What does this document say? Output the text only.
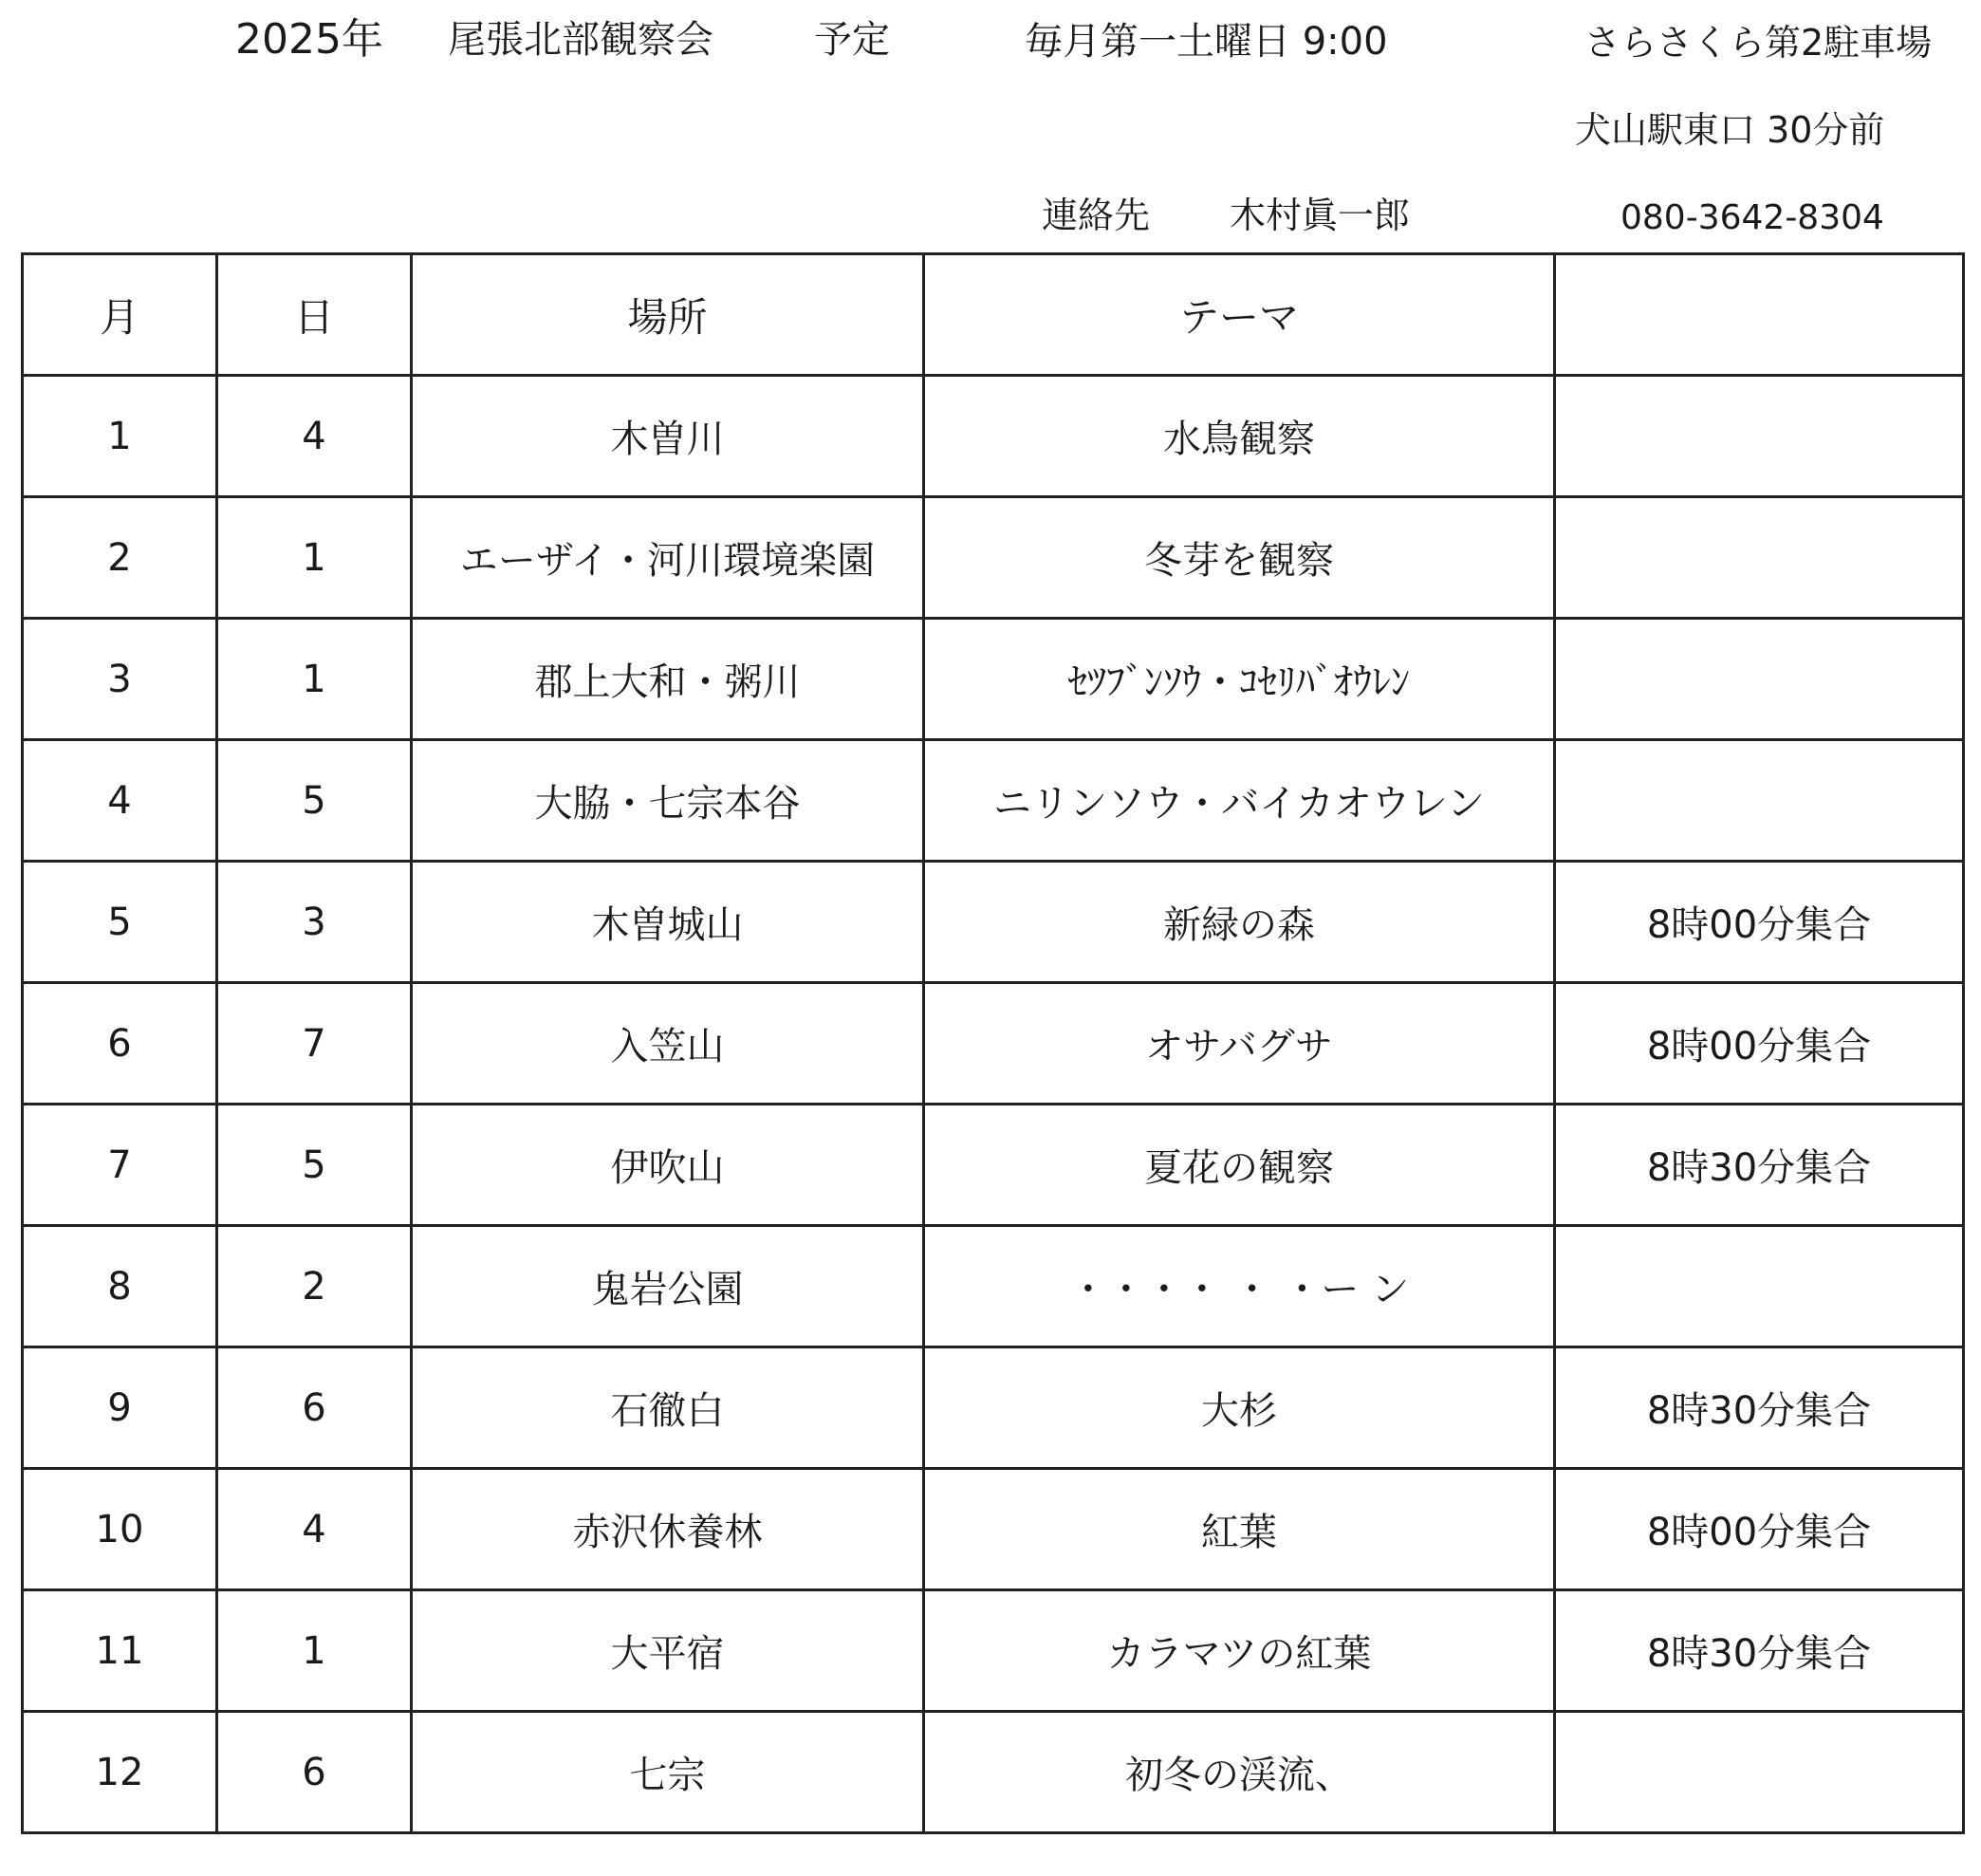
2025年 尾張北部観察会	予定	毎月第一土曜日 9:00	さらさくら第2駐車場
犬山駅東口 30分前
連絡先 木村眞一郎	080-3642-8304
月	日	場所	テーマ	
1	4	木曽川	水鳥観察	
2	1	エーザイ・河川環境楽園	冬芽を観察	
3	1	郡上大和・粥川	ｾﾂﾌﾞﾝｿｳ・ｺｾﾘﾊﾞｵｳﾚﾝ	
4	5	大脇・七宗本谷	ニリンソウ・バイカオウレン	
5	3	木曽城山	新緑の森	8時00分集合
6	7	入笠山	オサバグサ	8時00分集合
7	5	伊吹山	夏花の観察	8時30分集合
8	2	鬼岩公園	・・・・ ・ ・ー ン	
9	6	石徹白	大杉	8時30分集合
10	4	赤沢休養林	紅葉	8時00分集合
11	1	大平宿	カラマツの紅葉	8時30分集合
12	6	七宗	初冬の渓流、	
